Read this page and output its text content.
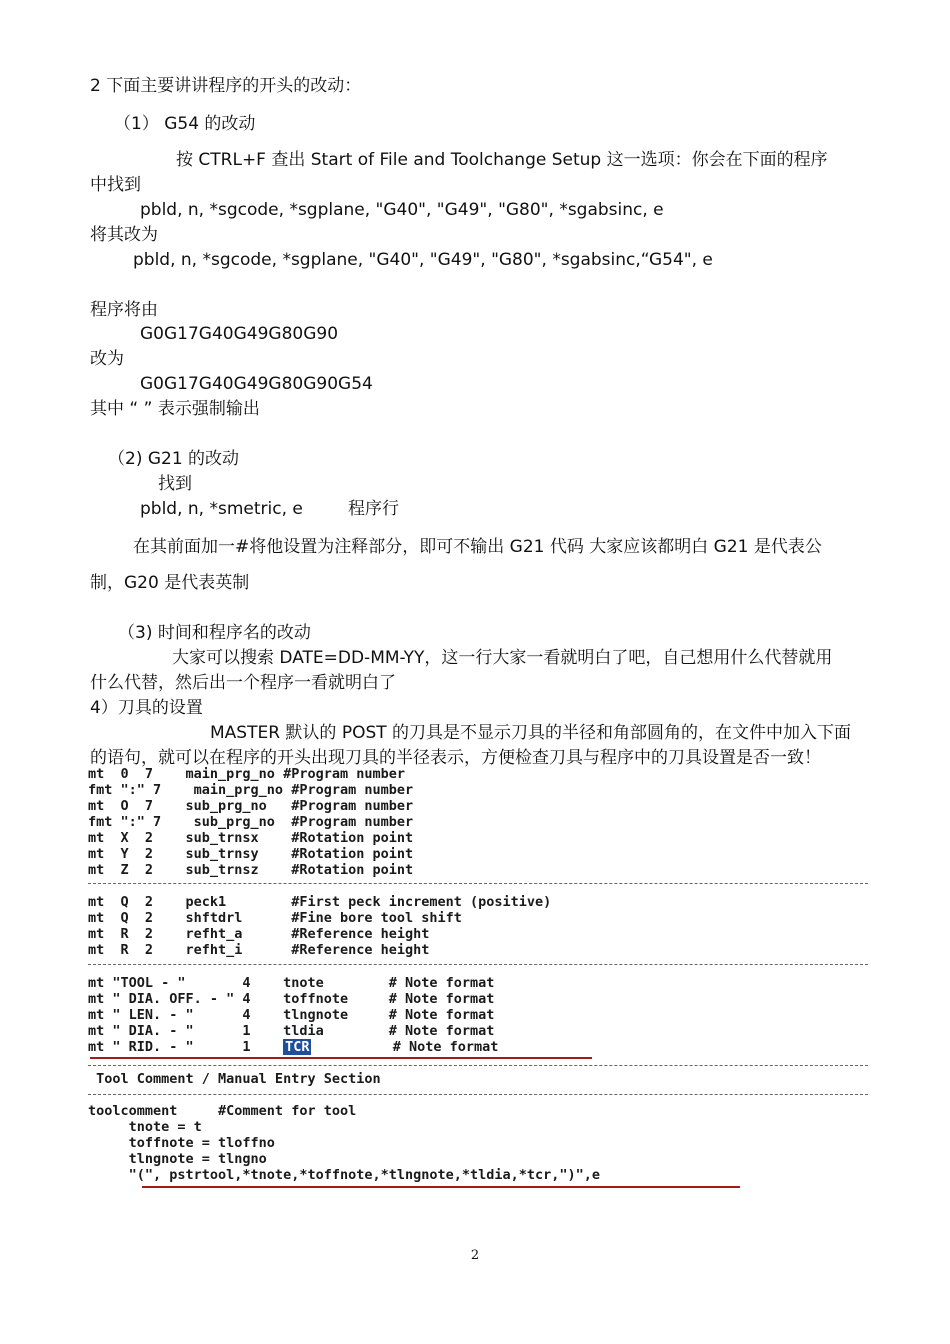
2 下面主要讲讲程序的开头的改动：
（1） G54 的改动
按 CTRL+F 查出 Start of File and Toolchange Setup 这一选项：你会在下面的程序
中找到
pbld, n, *sgcode, *sgplane, "G40", "G49", "G80", *sgabsinc, e
将其改为
pbld, n, *sgcode, *sgplane, "G40", "G49", "G80", *sgabsinc,“G54", e
程序将由
G0G17G40G49G80G90
改为
G0G17G40G49G80G90G54
其中 “ ” 表示强制输出
（2) G21 的改动
找到
pbld, n, *smetric, e	程序行
在其前面加一#将他设置为注释部分，即可不输出 G21 代码 大家应该都明白 G21 是代表公
制，G20 是代表英制
（3) 时间和程序名的改动
大家可以搜索 DATE=DD-MM-YY，这一行大家一看就明白了吧，自己想用什么代替就用
什么代替，然后出一个程序一看就明白了
4）刀具的设置
MASTER 默认的 POST 的刀具是不显示刀具的半径和角部圆角的，在文件中加入下面
的语句，就可以在程序的开头出现刀具的半径表示，方便检查刀具与程序中的刀具设置是否一致！
mt  0  7    main_prg_no #Program number
fmt ":" 7    main_prg_no #Program number
mt  O  7    sub_prg_no   #Program number
fmt ":" 7    sub_prg_no  #Program number
mt  X  2    sub_trnsx    #Rotation point
mt  Y  2    sub_trnsy    #Rotation point
mt  Z  2    sub_trnsz    #Rotation point
mt  Q  2    peck1        #First peck increment (positive)
mt  Q  2    shftdrl      #Fine bore tool shift
mt  R  2    refht_a      #Reference height
mt  R  2    refht_i      #Reference height
mt "TOOL - "       4    tnote        # Note format
mt " DIA. OFF. - " 4    toffnote     # Note format
mt " LEN. - "      4    tlngnote     # Note format
mt " DIA. - "      1    tldia        # Note format
mt " RID. - "      1    TCR          # Note format
Tool Comment / Manual Entry Section
toolcomment     #Comment for tool
tnote = t
toffnote = tloffno
tlngnote = tlngno
"(", pstrtool,*tnote,*toffnote,*tlngnote,*tldia,*tcr,")",e
2
